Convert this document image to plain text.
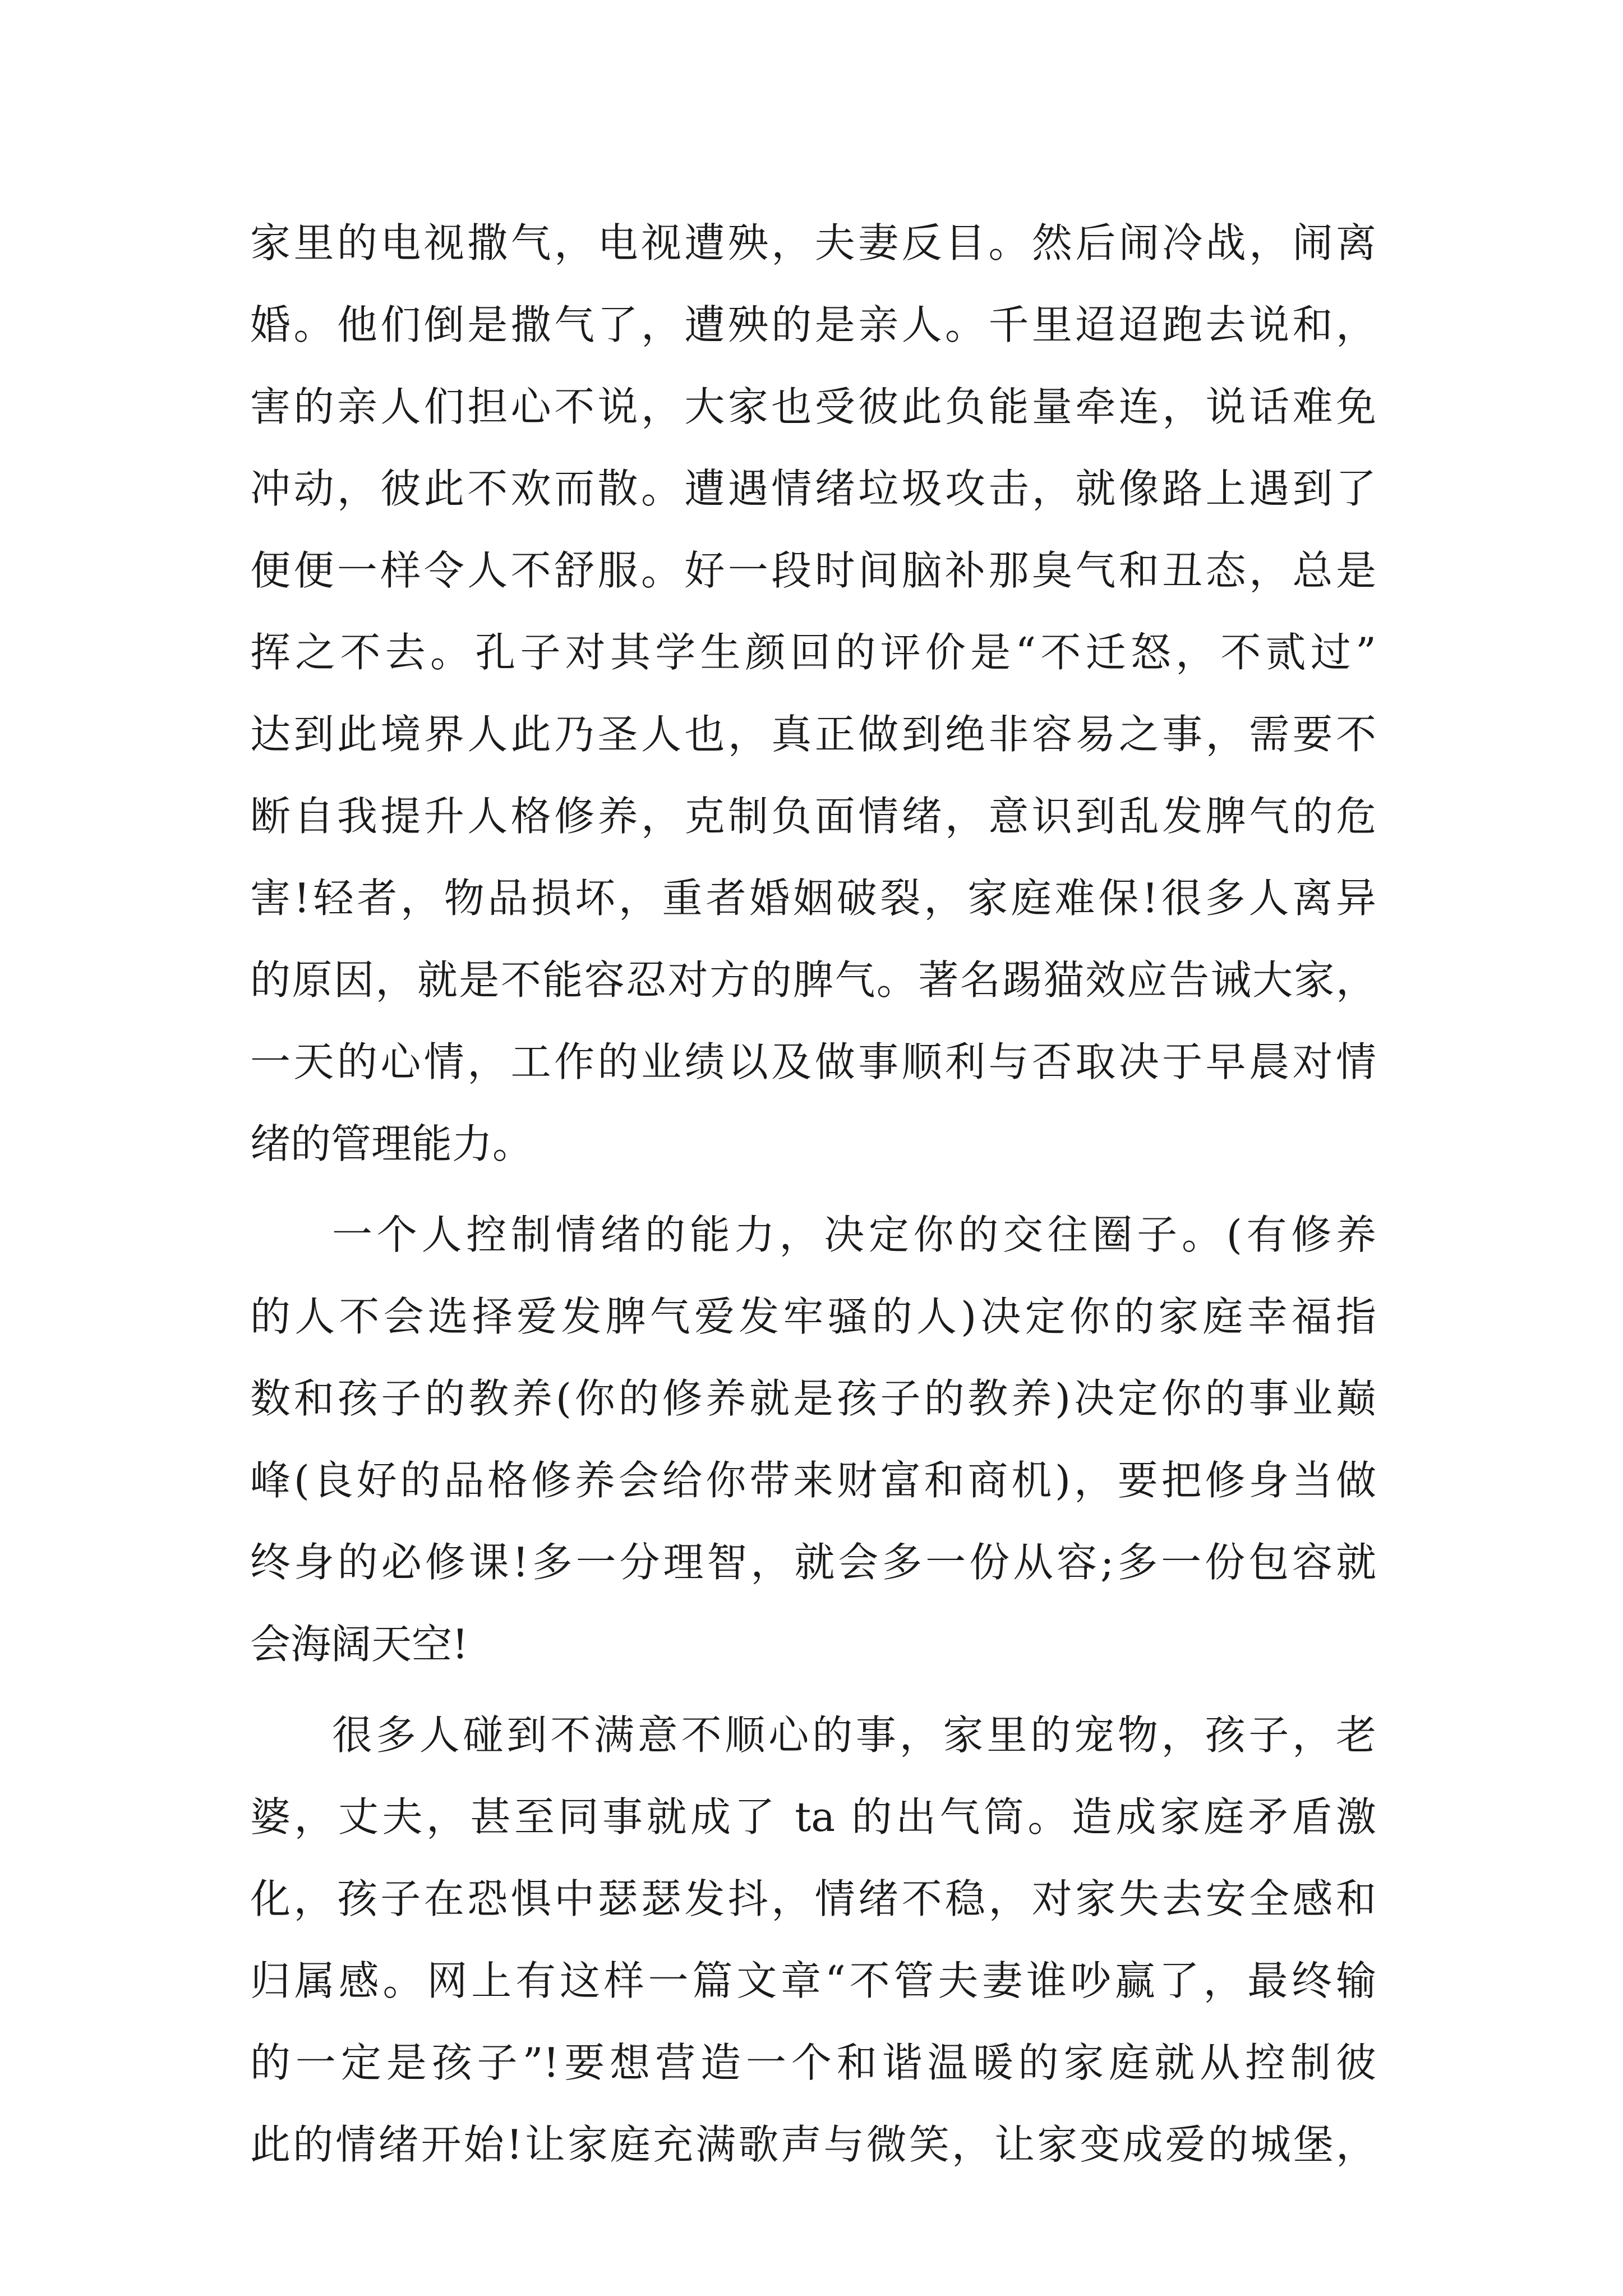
家里的电视撒气，电视遭殃，夫妻反目。然后闹冷战，闹离
婚。他们倒是撒气了，遭殃的是亲人。千里迢迢跑去说和，
害的亲人们担心不说，大家也受彼此负能量牵连，说话难免
冲动，彼此不欢而散。遭遇情绪垃圾攻击，就像路上遇到了
便便一样令人不舒服。好一段时间脑补那臭气和丑态，总是
挥之不去。孔子对其学生颜回的评价是“不迁怒，不贰过”
达到此境界人此乃圣人也，真正做到绝非容易之事，需要不
断自我提升人格修养，克制负面情绪，意识到乱发脾气的危
害!轻者，物品损坏，重者婚姻破裂，家庭难保!很多人离异
的原因，就是不能容忍对方的脾气。著名踢猫效应告诫大家，
一天的心情，工作的业绩以及做事顺利与否取决于早晨对情
绪的管理能力。
一个人控制情绪的能力，决定你的交往圈子。(有修养
的人不会选择爱发脾气爱发牢骚的人)决定你的家庭幸福指
数和孩子的教养(你的修养就是孩子的教养)决定你的事业巅
峰(良好的品格修养会给你带来财富和商机)，要把修身当做
终身的必修课!多一分理智，就会多一份从容;多一份包容就
会海阔天空!
很多人碰到不满意不顺心的事，家里的宠物，孩子，老
婆，丈夫，甚至同事就成了 ta 的出气筒。造成家庭矛盾激
化，孩子在恐惧中瑟瑟发抖，情绪不稳，对家失去安全感和
归属感。网上有这样一篇文章“不管夫妻谁吵赢了，最终输
的一定是孩子”!要想营造一个和谐温暖的家庭就从控制彼
此的情绪开始!让家庭充满歌声与微笑，让家变成爱的城堡，
